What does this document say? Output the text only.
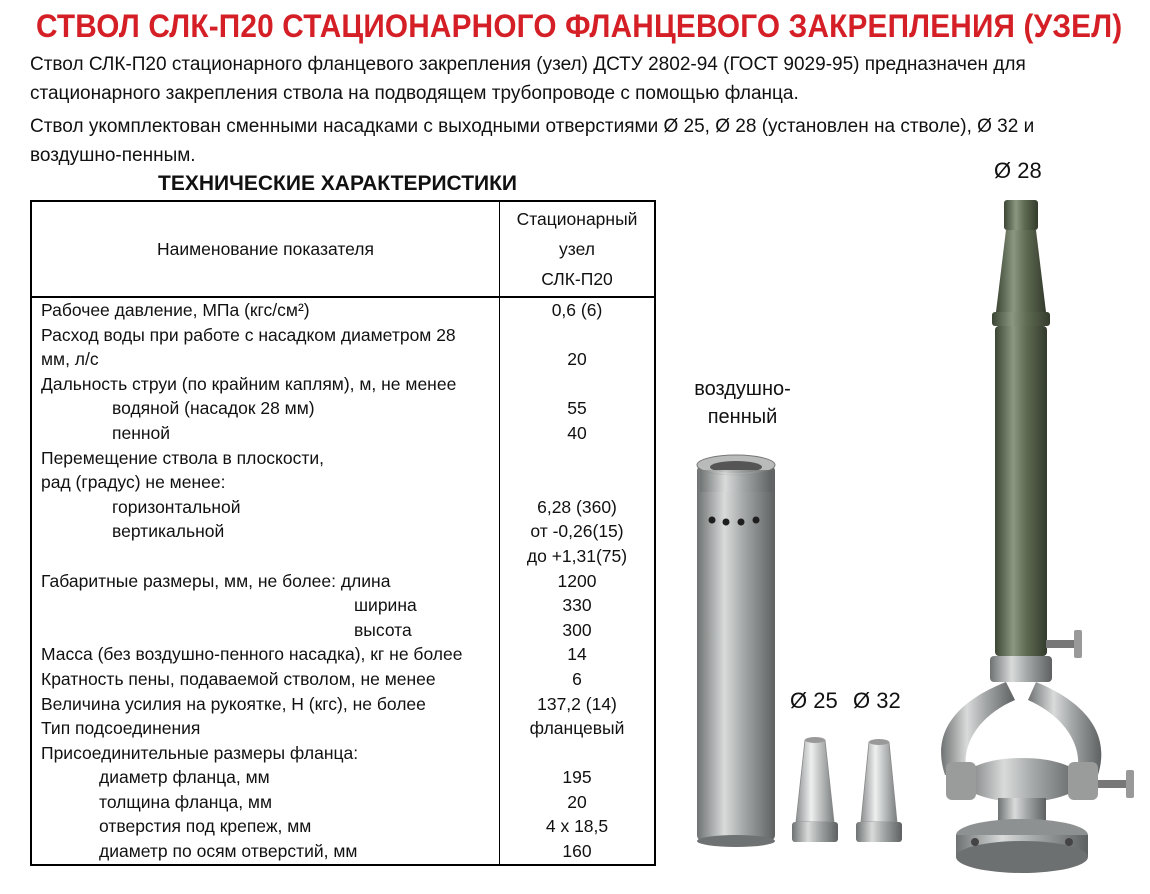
СТВОЛ СЛК-П20 СТАЦИОНАРНОГО ФЛАНЦЕВОГО ЗАКРЕПЛЕНИЯ (УЗЕЛ)
Ствол СЛК-П20 стационарного фланцевого закрепления (узел) ДСТУ 2802-94 (ГОСТ 9029-95) предназначен для
стационарного закрепления ствола на подводящем трубопроводе с помощью фланца.
Ствол укомплектован сменными насадками с выходными отверстиями Ø 25, Ø 28 (установлен на стволе), Ø 32 и
воздушно-пенным.
ТЕХНИЧЕСКИЕ ХАРАКТЕРИСТИКИ
Наименование показателя	Стационарный
узел
СЛК-П20

Рабочее давление, МПа (кгс/см²)	0,6 (6)
Расход воды при работе с насадком диаметром 28	
мм, л/с	20
Дальность струи (по крайним каплям), м, не менее	
водяной (насадок 28 мм)	55
пенной	40
Перемещение ствола в плоскости,	
рад (градус) не менее:	
горизонтальной	6,28 (360)
вертикальной	от -0,26(15)
	до +1,31(75)
Габаритные размеры, мм, не более: длина	1200
ширина	330
высота	300
Масса (без воздушно-пенного насадка), кг не более	14
Кратность пены, подаваемой стволом, не менее	6
Величина усилия на рукоятке, Н (кгс), не более	137,2 (14)
Тип подсоединения	фланцевый
Присоединительные размеры фланца:	
диаметр фланца, мм	195
толщина фланца, мм	20
отверстия под крепеж, мм	4 х 18,5
диаметр по осям отверстий, мм	160
Ø 28
воздушно-
пенный
Ø 25 Ø 32
